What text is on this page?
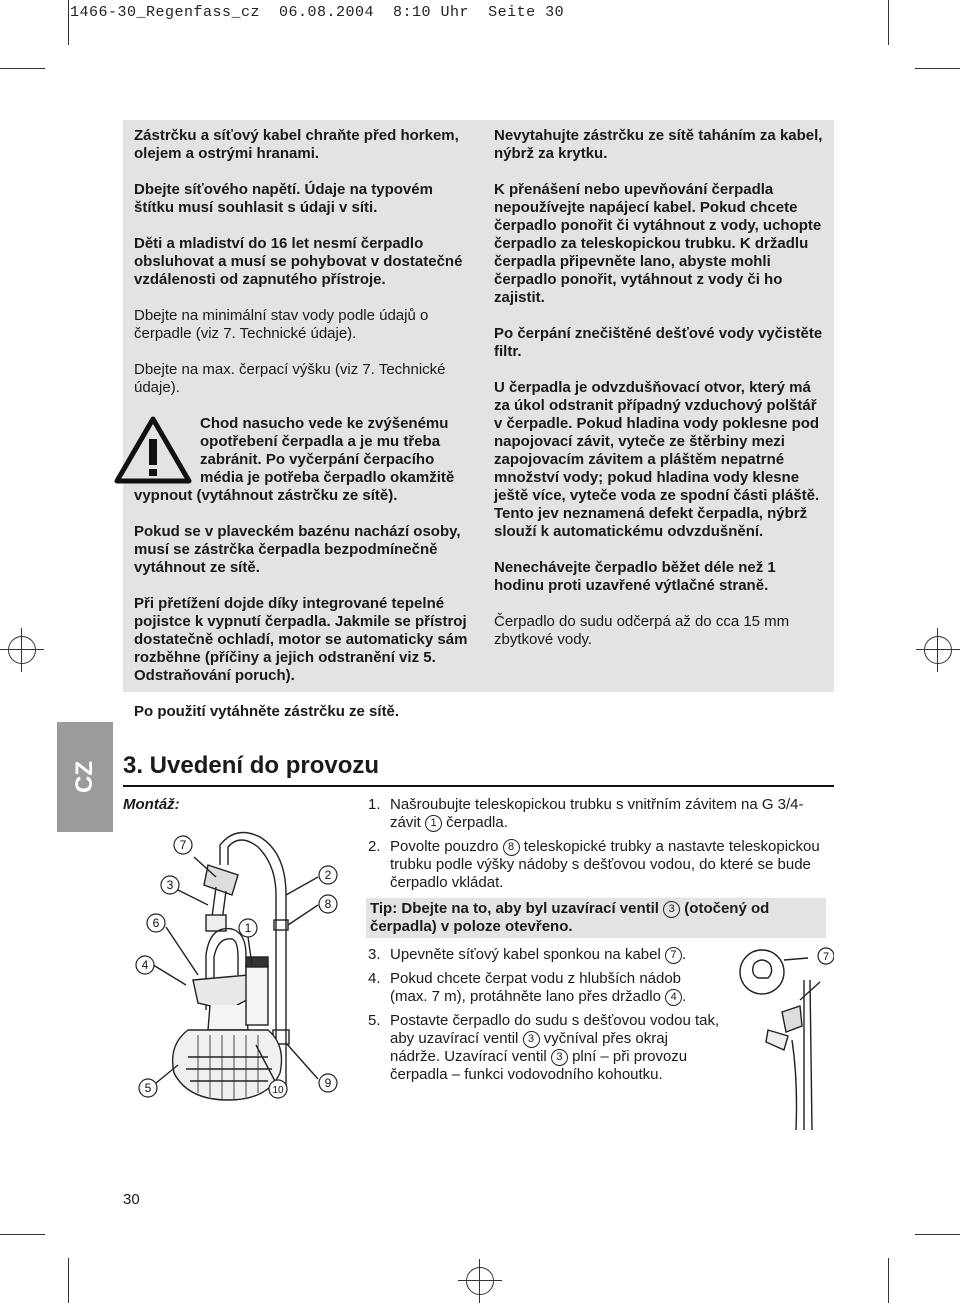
1466-30_Regenfass_cz  06.08.2004  8:10 Uhr  Seite 30

Zástrčku a síťový kabel chraňte před horkem, olejem a ostrými hranami.

Dbejte síťového napětí. Údaje na typovém štítku musí souhlasit s údaji v síti.

Děti a mladiství do 16 let nesmí čerpadlo obsluhovat a musí se pohybovat v dostatečné vzdálenosti od zapnutého přístroje.

Dbejte na minimální stav vody podle údajů o čerpadle (viz 7. Technické údaje).

Dbejte na max. čerpací výšku (viz 7. Technické údaje).

Chod nasucho vede ke zvýšenému opotřebení čerpadla a je mu třeba zabránit. Po vyčerpání čerpacího média je potřeba čerpadlo okamžitě
vypnout (vytáhnout zástrčku ze sítě).

Pokud se v plaveckém bazénu nachází osoby, musí se zástrčka čerpadla bezpodmínečně vytáhnout ze sítě.

Při přetížení dojde díky integrované tepelné pojistce k vypnutí čerpadla. Jakmile se přístroj dostatečně ochladí, motor se automaticky sám rozběhne (příčiny a jejich odstranění viz 5. Odstraňování poruch).

Po použití vytáhněte zástrčku ze sítě.

Nevytahujte zástrčku ze sítě taháním za kabel, nýbrž za krytku.

K přenášení nebo upevňování čerpadla nepoužívejte napájecí kabel. Pokud chcete čerpadlo ponořit či vytáhnout z vody, uchopte čerpadlo za teleskopickou trubku. K držadlu čerpadla připevněte lano, abyste mohli čerpadlo ponořit, vytáhnout z vody či ho zajistit.

Po čerpání znečištěné dešťové vody vyčistěte filtr.

U čerpadla je odvzdušňovací otvor, který má za úkol odstranit případný vzduchový polštář v čerpadle. Pokud hladina vody poklesne pod napojovací závit, vyteče ze štěrbiny mezi zapojovacím závitem a pláštěm nepatrné množství vody; pokud hladina vody klesne ještě více, vyteče voda ze spodní části pláště. Tento jev neznamená defekt čerpadla, nýbrž slouží k automatickému odvzdušnění.

Nenechávejte čerpadlo běžet déle než 1 hodinu proti uzavřené výtlačné straně.

Čerpadlo do sudu odčerpá až do cca 15 mm zbytkové vody.

CZ 3. Uvedení do provozu
Montáž:
7
3
6
4
5
1
2
8
9
10
1. Našroubujte teleskopickou trubku s vnitřním závitem na G 3/4-závit 1 čerpadla.
2. Povolte pouzdro 8 teleskopické trubky a nastavte teleskopickou trubku podle výšky nádoby s dešťovou vodou, do které se bude čerpadlo vkládat.
Tip: Dbejte na to, aby byl uzavírací ventil 3 (otočený od čerpadla) v poloze otevřeno.
3. Upevněte síťový kabel sponkou na kabel 7 .
4. Pokud chcete čerpat vodu z hlubších nádob (max. 7 m), protáhněte lano přes držadlo 4 .
5. Postavte čerpadlo do sudu s dešťovou vodou tak, aby uzavírací ventil 3 vyčníval přes okraj nádrže. Uzavírací ventil 3 plní – při provozu čerpadla – funkci vodovodního kohoutku.
7
30
